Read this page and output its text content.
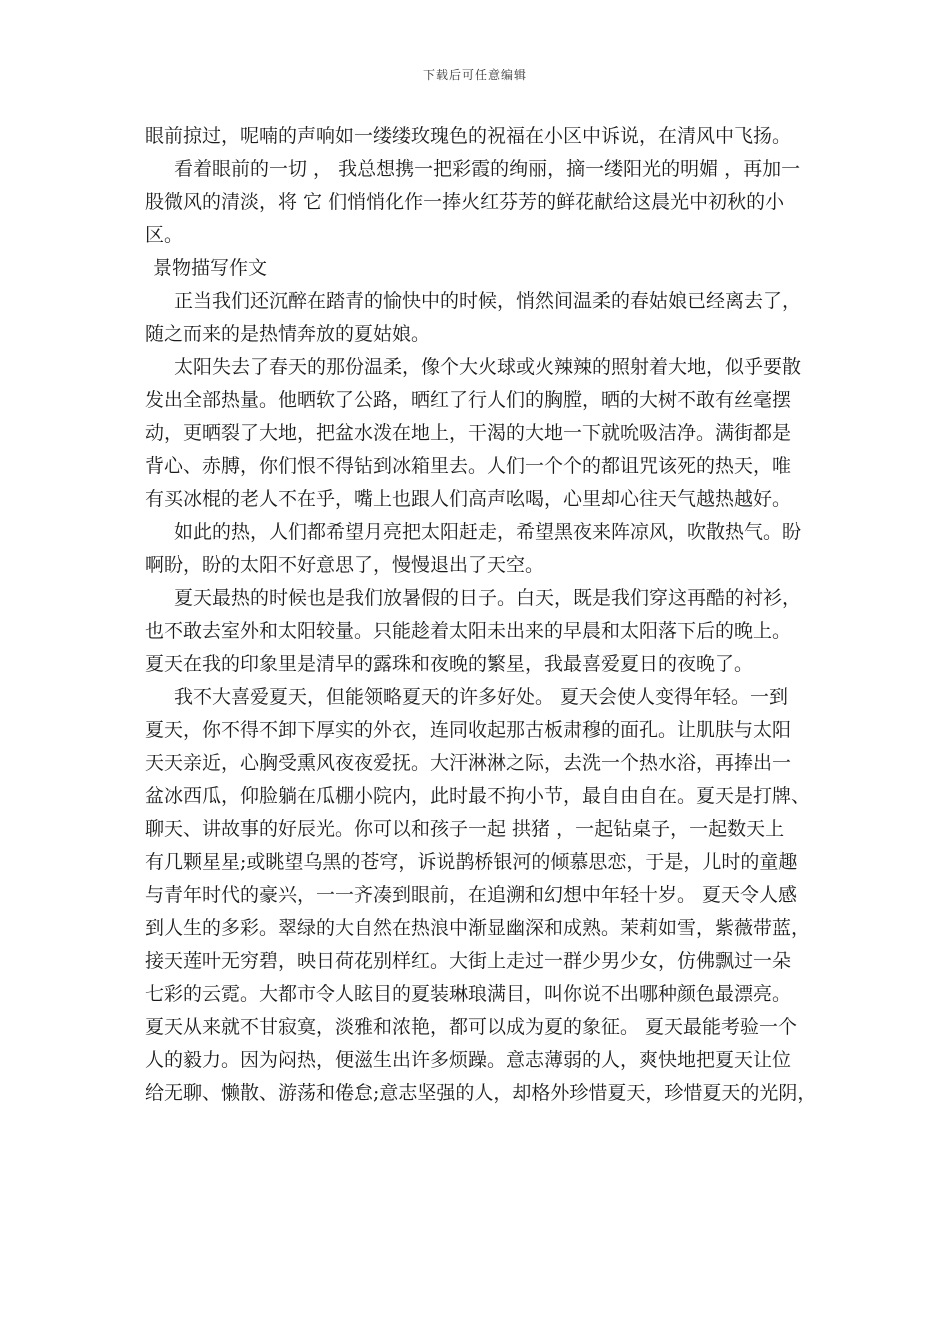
下载后可任意编辑
眼前掠过，呢喃的声响如一缕缕玫瑰色的祝福在小区中诉说，在清风中飞扬。
看着眼前的一切 ， 我总想携一把彩霞的绚丽，摘一缕阳光的明媚 ，再加一
股微风的清淡，将 它 们悄悄化作一捧火红芬芳的鲜花献给这晨光中初秋的小
区。
景物描写作文
正当我们还沉醉在踏青的愉快中的时候，悄然间温柔的春姑娘已经离去了，
随之而来的是热情奔放的夏姑娘。
太阳失去了春天的那份温柔，像个大火球或火辣辣的照射着大地，似乎要散
发出全部热量。他晒软了公路，晒红了行人们的胸膛，晒的大树不敢有丝毫摆
动，更晒裂了大地，把盆水泼在地上，干渴的大地一下就吮吸洁净。满街都是
背心、赤膊，你们恨不得钻到冰箱里去。人们一个个的都诅咒该死的热天，唯
有买冰棍的老人不在乎，嘴上也跟人们高声吆喝，心里却心往天气越热越好。
如此的热，人们都希望月亮把太阳赶走，希望黑夜来阵凉风，吹散热气。盼
啊盼，盼的太阳不好意思了，慢慢退出了天空。
夏天最热的时候也是我们放暑假的日子。白天，既是我们穿这再酷的衬衫，
也不敢去室外和太阳较量。只能趁着太阳未出来的早晨和太阳落下后的晚上。
夏天在我的印象里是清早的露珠和夜晚的繁星，我最喜爱夏日的夜晚了。
我不大喜爱夏天，但能领略夏天的许多好处。 夏天会使人变得年轻。一到
夏天，你不得不卸下厚实的外衣，连同收起那古板肃穆的面孔。让肌肤与太阳
天天亲近，心胸受熏风夜夜爱抚。大汗淋淋之际，去洗一个热水浴，再捧出一
盆冰西瓜，仰脸躺在瓜棚小院内，此时最不拘小节，最自由自在。夏天是打牌、
聊天、讲故事的好辰光。你可以和孩子一起 拱猪 ，一起钻桌子，一起数天上
有几颗星星;或眺望乌黑的苍穹，诉说鹊桥银河的倾慕思恋，于是，儿时的童趣
与青年时代的豪兴，一一齐凑到眼前，在追溯和幻想中年轻十岁。 夏天令人感
到人生的多彩。翠绿的大自然在热浪中渐显幽深和成熟。茉莉如雪，紫薇带蓝，
接天莲叶无穷碧，映日荷花别样红。大街上走过一群少男少女，仿佛飘过一朵
七彩的云霓。大都市令人眩目的夏装琳琅满目，叫你说不出哪种颜色最漂亮。
夏天从来就不甘寂寞，淡雅和浓艳，都可以成为夏的象征。 夏天最能考验一个
人的毅力。因为闷热，便滋生出许多烦躁。意志薄弱的人，爽快地把夏天让位
给无聊、懒散、游荡和倦怠;意志坚强的人，却格外珍惜夏天，珍惜夏天的光阴，
